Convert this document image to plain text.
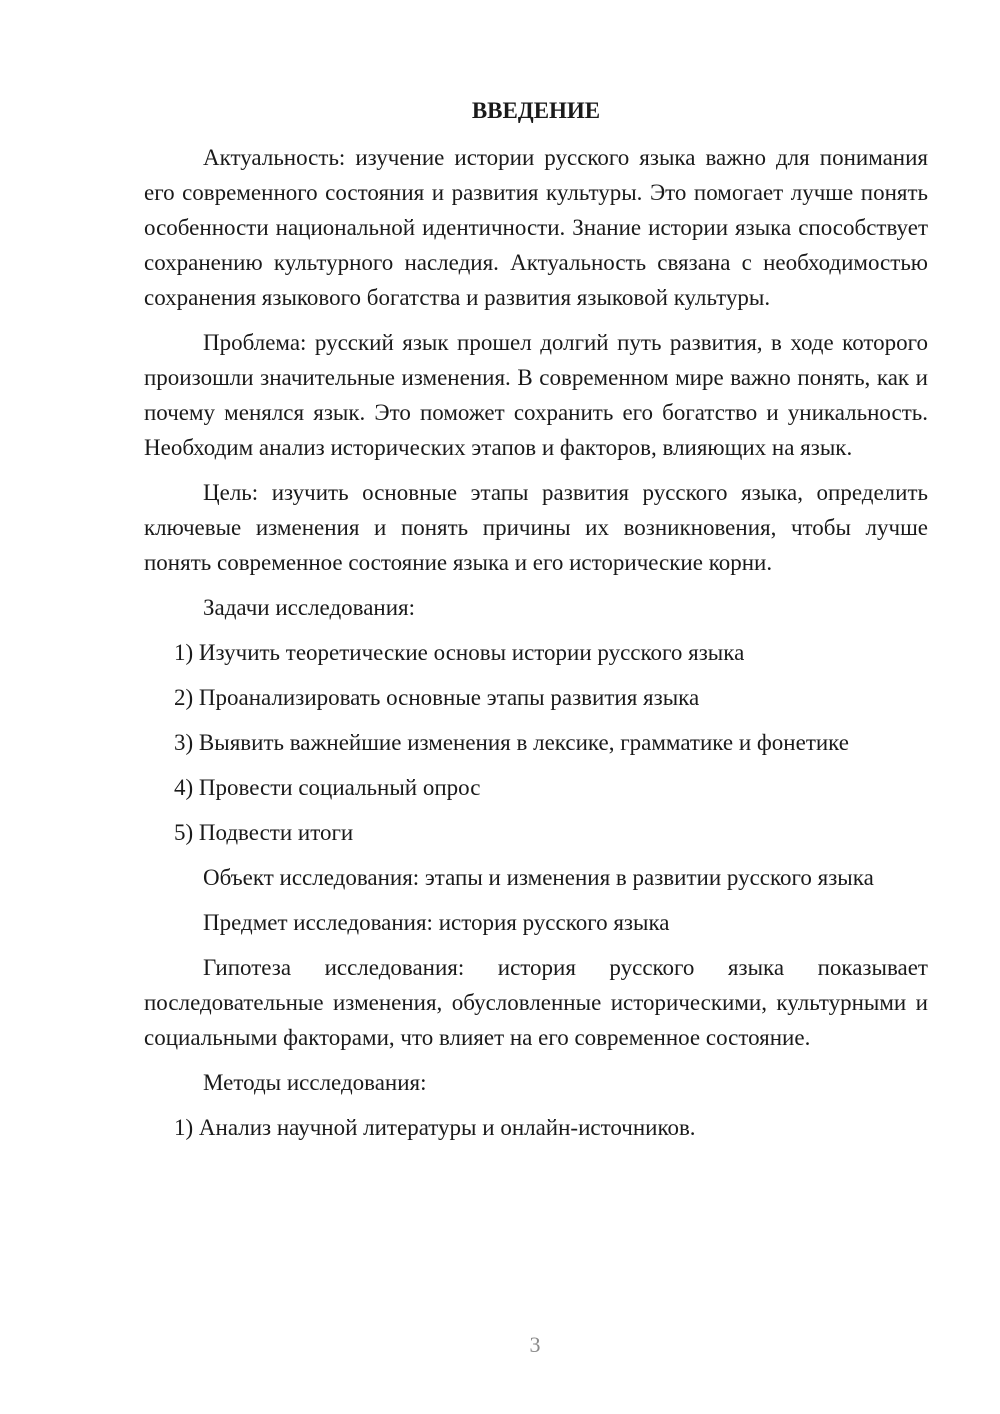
ВВЕДЕНИЕ

Актуальность: изучение истории русского языка важно для понимания его современного состояния и развития культуры. Это помогает лучше понять особенности национальной идентичности. Знание истории языка способствует сохранению культурного наследия. Актуальность связана с необходимостью сохранения языкового богатства и развития языковой культуры.

Проблема: русский язык прошел долгий путь развития, в ходе которого произошли значительные изменения. В современном мире важно понять, как и почему менялся язык. Это поможет сохранить его богатство и уникальность. Необходим анализ исторических этапов и факторов, влияющих на язык.

Цель: изучить основные этапы развития русского языка, определить ключевые изменения и понять причины их возникновения, чтобы лучше понять современное состояние языка и его исторические корни.

Задачи исследования:

1) Изучить теоретические основы истории русского языка

2) Проанализировать основные этапы развития языка

3) Выявить важнейшие изменения в лексике, грамматике и фонетике

4) Провести социальный опрос

5) Подвести итоги

Объект исследования: этапы и изменения в развитии русского языка

Предмет исследования: история русского языка

Гипотеза исследования: история русского языка показывает последовательные изменения, обусловленные историческими, культурными и социальными факторами, что влияет на его современное состояние.

Методы исследования:

1) Анализ научной литературы и онлайн-источников.

3
